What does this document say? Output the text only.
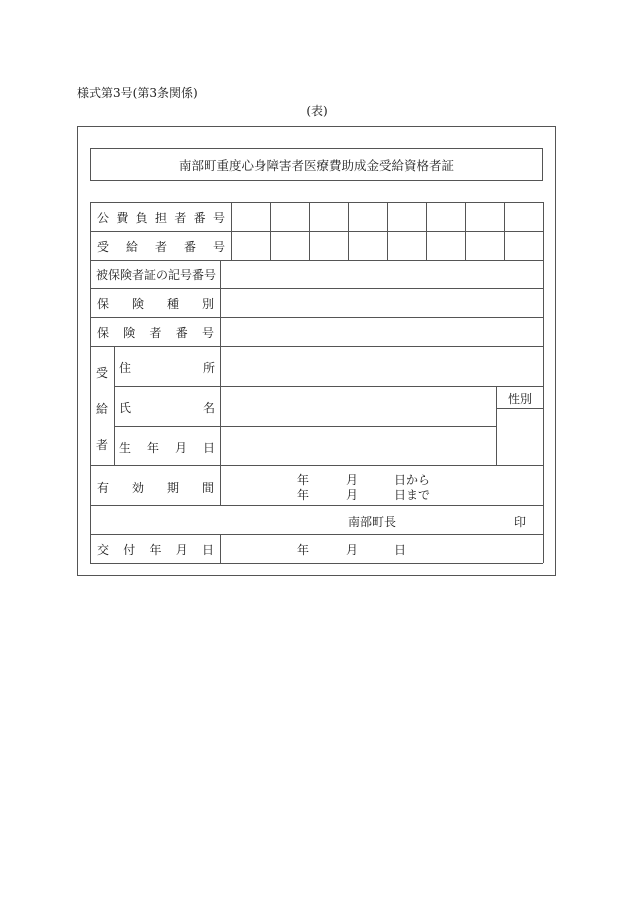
様式第3号(第3条関係)
(表)
南部町重度心身障害者医療費助成金受給資格者証
公 費 負 担 者 番 号
受 給 者 番 号
被保険者証の記号番号
保 険 種 別
保 険 者 番 号
受
給
者
住	所
氏	名
性別
生 年 月 日
有 効 期 間
年	月	日から
年	月	日まで
南部町長	印
交 付 年 月 日	年	月	日
